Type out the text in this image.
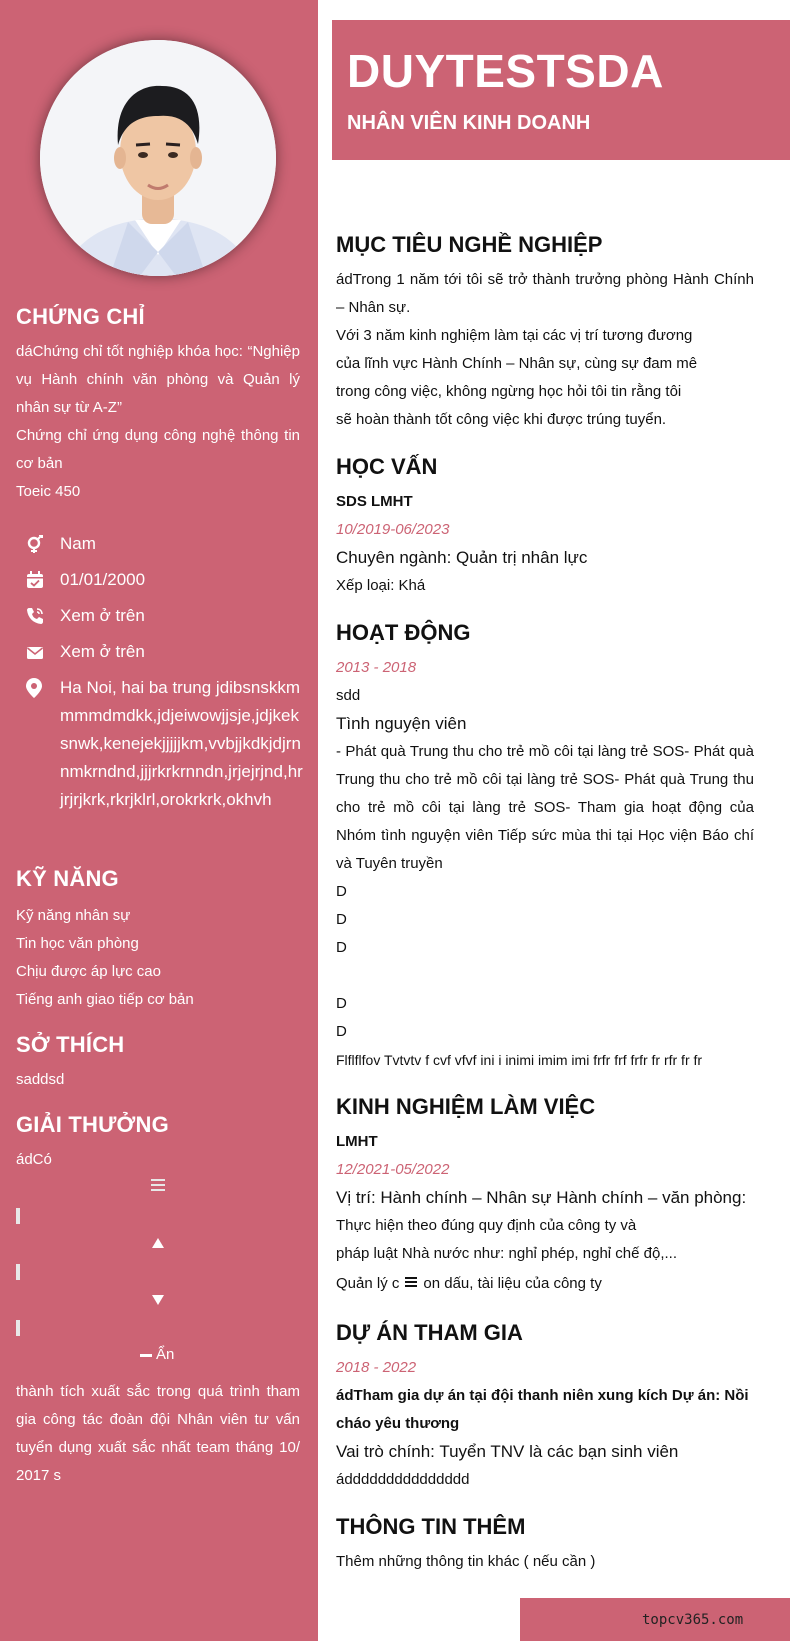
CHỨNG CHỈ
dáChứng chỉ tốt nghiệp khóa học: “Nghiệp vụ Hành chính văn phòng và Quản lý nhân sự từ A-Z”
Chứng chỉ ứng dụng công nghệ thông tin cơ bản
Toeic 450
Nam
01/01/2000
Xem ở trên
Xem ở trên
Ha Noi, hai ba trung jdibsnskkmmmmdmdkk,jdjeiwowjjsje,jdjkeksnwk,kenejekjjjjjkm,vvbjjkdkjdjrnnmkrndnd,jjjrkrkrnndn,jrjejrjnd,hrjrjrjkrk,rkrjklrl,orokrkrk,okhvh
KỸ NĂNG
Kỹ năng nhân sự
Tin học văn phòng
Chịu được áp lực cao
Tiếng anh giao tiếp cơ bản
SỞ THÍCH
saddsd
GIẢI THƯỞNG
ádCó
Ẩn
thành tích xuất sắc trong quá trình tham gia công tác đoàn đội Nhân viên tư vấn tuyển dụng xuất sắc nhất team tháng 10/ 2017 s
DUYTESTSDA
NHÂN VIÊN KINH DOANH
MỤC TIÊU NGHỀ NGHIỆP
ádTrong 1 năm tới tôi sẽ trở thành trưởng phòng Hành Chính – Nhân sự.
Với 3 năm kinh nghiệm làm tại các vị trí tương đương
của lĩnh vực Hành Chính – Nhân sự, cùng sự đam mê
trong công việc, không ngừng học hỏi tôi tin rằng tôi
sẽ hoàn thành tốt công việc khi được trúng tuyển.
HỌC VẤN
SDS LMHT
10/2019-06/2023
Chuyên ngành: Quản trị nhân lực
Xếp loại: Khá
HOẠT ĐỘNG
2013 - 2018
sdd
Tình nguyện viên
- Phát quà Trung thu cho trẻ mồ côi tại làng trẻ SOS- Phát quà Trung thu cho trẻ mồ côi tại làng trẻ SOS- Phát quà Trung thu cho trẻ mồ côi tại làng trẻ SOS- Tham gia hoạt động của Nhóm tình nguyện viên Tiếp sức mùa thi tại Học viện Báo chí và Tuyên truyền
D
D
D
D
D
Flflflfov Tvtvtv f cvf vfvf ini i inimi imim imi frfr frf frfr fr rfr fr fr
KINH NGHIỆM LÀM VIỆC
LMHT
12/2021-05/2022
Vị trí: Hành chính – Nhân sự Hành chính – văn phòng:
Thực hiện theo đúng quy định của công ty và
pháp luật Nhà nước như: nghỉ phép, nghỉ chế độ,...
Quản lý c on dấu, tài liệu của công ty
DỰ ÁN THAM GIA
2018 - 2022
ádTham gia dự án tại đội thanh niên xung kích Dự án: Nồi cháo yêu thương
Vai trò chính: Tuyển TNV là các bạn sinh viên
áddddddddddddddd
THÔNG TIN THÊM
Thêm những thông tin khác ( nếu cần )
topcv365.com
